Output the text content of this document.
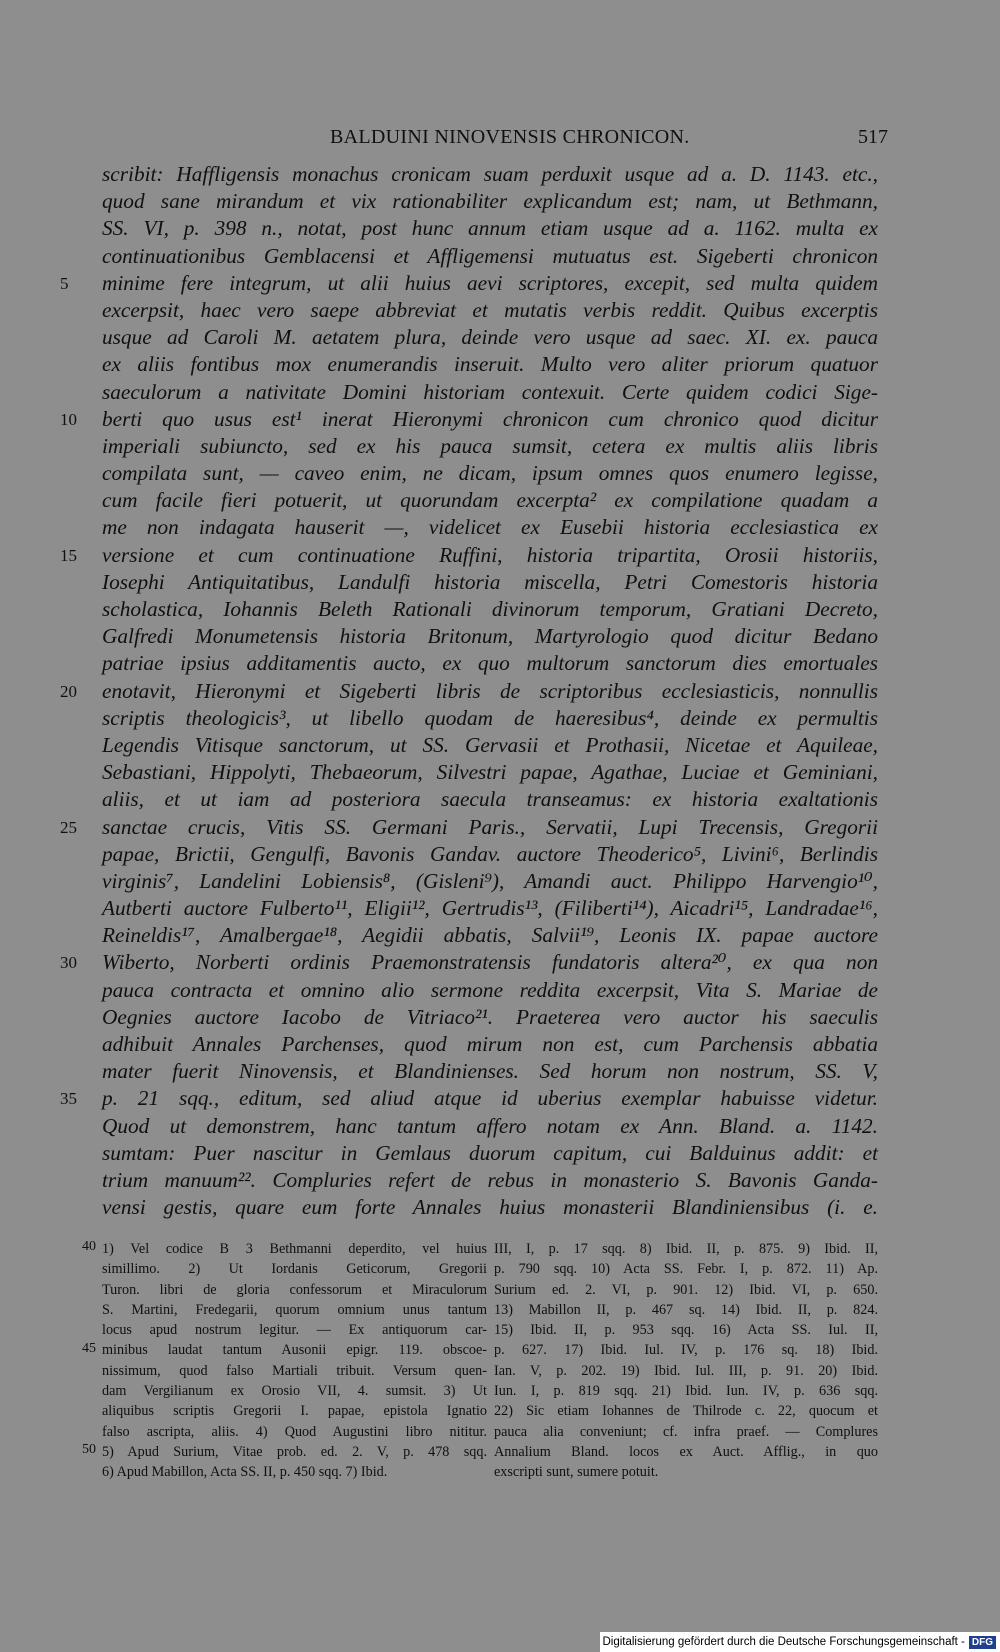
BALDUINI NINOVENSIS CHRONICON.	517
scribit: Haffligensis monachus cronicam suam perduxit usque ad a. D. 1143. etc.,
quod sane mirandum et vix rationabiliter explicandum est; nam, ut Bethmann,
SS. VI, p. 398 n., notat, post hunc annum etiam usque ad a. 1162. multa ex
continuationibus Gemblacensi et Affligemensi mutuatus est. Sigeberti chronicon
5	minime fere integrum, ut alii huius aevi scriptores, excepit, sed multa quidem
excerpsit, haec vero saepe abbreviat et mutatis verbis reddit. Quibus excerptis
usque ad Caroli M. aetatem plura, deinde vero usque ad saec. XI. ex. pauca
ex aliis fontibus mox enumerandis inseruit. Multo vero aliter priorum quatuor
saeculorum a nativitate Domini historiam contexuit. Certe quidem codici Sige-
10	berti quo usus est¹ inerat Hieronymi chronicon cum chronico quod dicitur
imperiali subiuncto, sed ex his pauca sumsit, cetera ex multis aliis libris
compilata sunt, — caveo enim, ne dicam, ipsum omnes quos enumero legisse,
cum facile fieri potuerit, ut quorundam excerpta² ex compilatione quadam a
me non indagata hauserit —, videlicet ex Eusebii historia ecclesiastica ex
15	versione et cum continuatione Ruffini, historia tripartita, Orosii historiis,
Iosephi Antiquitatibus, Landulfi historia miscella, Petri Comestoris historia
scholastica, Iohannis Beleth Rationali divinorum temporum, Gratiani Decreto,
Galfredi Monumetensis historia Britonum, Martyrologio quod dicitur Bedano
patriae ipsius additamentis aucto, ex quo multorum sanctorum dies emortuales
20	enotavit, Hieronymi et Sigeberti libris de scriptoribus ecclesiasticis, nonnullis
scriptis theologicis³, ut libello quodam de haeresibus⁴, deinde ex permultis
Legendis Vitisque sanctorum, ut SS. Gervasii et Prothasii, Nicetae et Aquileae,
Sebastiani, Hippolyti, Thebaeorum, Silvestri papae, Agathae, Luciae et Geminiani,
aliis, et ut iam ad posteriora saecula transeamus: ex historia exaltationis
25	sanctae crucis, Vitis SS. Germani Paris., Servatii, Lupi Trecensis, Gregorii
papae, Brictii, Gengulfi, Bavonis Gandav. auctore Theoderico⁵, Livini⁶, Berlindis
virginis⁷, Landelini Lobiensis⁸, (Gisleni⁹), Amandi auct. Philippo Harvengio¹⁰,
Autberti auctore Fulberto¹¹, Eligii¹², Gertrudis¹³, (Filiberti¹⁴), Aicadri¹⁵, Landradae¹⁶,
Reineldis¹⁷, Amalbergae¹⁸, Aegidii abbatis, Salvii¹⁹, Leonis IX. papae auctore
30	Wiberto, Norberti ordinis Praemonstratensis fundatoris altera²⁰, ex qua non
pauca contracta et omnino alio sermone reddita excerpsit, Vita S. Mariae de
Oegnies auctore Iacobo de Vitriaco²¹. Praeterea vero auctor his saeculis
adhibuit Annales Parchenses, quod mirum non est, cum Parchensis abbatia
mater fuerit Ninovensis, et Blandinienses. Sed horum non nostrum, SS. V,
35	p. 21 sqq., editum, sed aliud atque id uberius exemplar habuisse videtur.
Quod ut demonstrem, hanc tantum affero notam ex Ann. Bland. a. 1142.
sumtam: Puer nascitur in Gemlaus duorum capitum, cui Balduinus addit: et
trium manuum²². Compluries refert de rebus in monasterio S. Bavonis Ganda-
vensi gestis, quare eum forte Annales huius monasterii Blandiniensibus (i. e.
1) Vel codice B 3 Bethmanni deperdito, vel huius
simillimo. 2) Ut Iordanis Geticorum, Gregorii
Turon. libri de gloria confessorum et Miraculorum
S. Martini, Fredegarii, quorum omnium unus tantum
locus apud nostrum legitur. — Ex antiquorum car-
minibus laudat tantum Ausonii epigr. 119. obscoe-
nissimum, quod falso Martiali tribuit. Versum quen-
dam Vergilianum ex Orosio VII, 4. sumsit. 3) Ut
aliquibus scriptis Gregorii I. papae, epistola Ignatio
falso ascripta, aliis. 4) Quod Augustini libro nititur.
5) Apud Surium, Vitae prob. ed. 2. V, p. 478 sqq.
6) Apud Mabillon, Acta SS. II, p. 450 sqq. 7) Ibid.
III, I, p. 17 sqq. 8) Ibid. II, p. 875. 9) Ibid. II,
p. 790 sqq. 10) Acta SS. Febr. I, p. 872. 11) Ap.
Surium ed. 2. VI, p. 901. 12) Ibid. VI, p. 650.
13) Mabillon II, p. 467 sq. 14) Ibid. II, p. 824.
15) Ibid. II, p. 953 sqq. 16) Acta SS. Iul. II,
p. 627. 17) Ibid. Iul. IV, p. 176 sq. 18) Ibid.
Ian. V, p. 202. 19) Ibid. Iul. III, p. 91. 20) Ibid.
Iun. I, p. 819 sqq. 21) Ibid. Iun. IV, p. 636 sqq.
22) Sic etiam Iohannes de Thilrode c. 22, quocum et
pauca alia conveniunt; cf. infra praef. — Complures
Annalium Bland. locos ex Auct. Afflig., in quo
exscripti sunt, sumere potuit.
40
45
50
Digitalisierung gefördert durch die Deutsche Forschungsgemeinschaft - DFG
